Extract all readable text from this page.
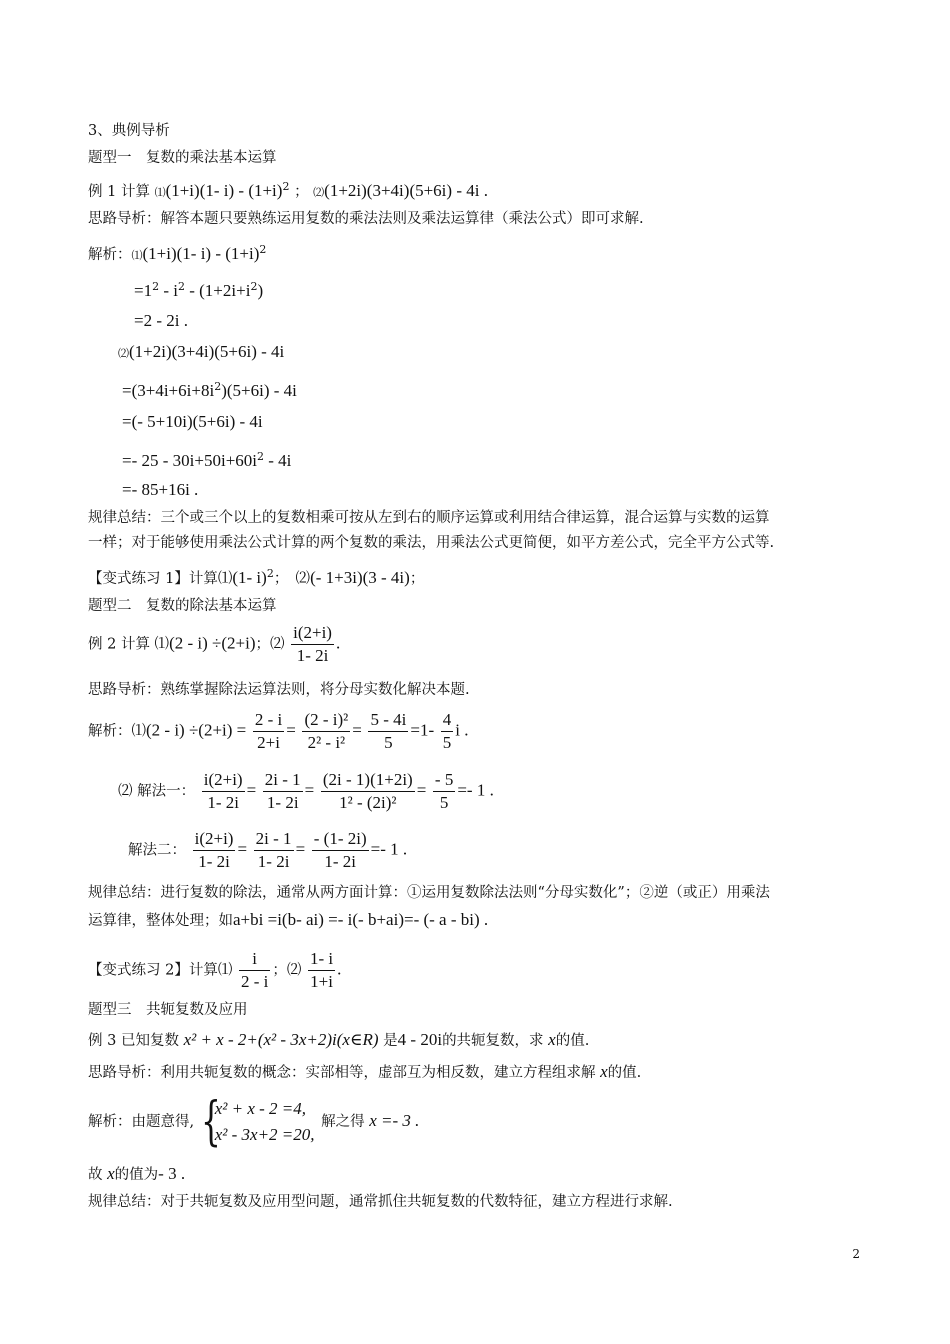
3、典例导析
题型一　复数的乘法基本运算
例 1 计算 ⑴(1+i)(1- $i) - (1+i)^2$ ； ⑵(1+2i)(3+4i)(5+6i) - 4i .
思路导析：解答本题只要熟练运用复数的乘法法则及乘法运算律（乘法公式）即可求解.
解析：⑴(1+i)(1- $i) - (1+i)^2$
$=1^2 - i^2 - (1+2i+i^2)$
=2 - 2i .
⑵(1+2i)(3+4i)(5+6i) - 4i
$=(3+4i+6i+8i^2)(5+6i) - 4i$
=(- 5+10i)(5+6i) - 4i
=- $25 - 30i+50i+60i^2 - 4i$
=- 85+16i .
规律总结：三个或三个以上的复数相乘可按从左到右的顺序运算或利用结合律运算，混合运算与实数的运算
一样；对于能够使用乘法公式计算的两个复数的乘法，用乘法公式更简便，如平方差公式，完全平方公式等.
【变式练习 1】计算⑴(1- i)$^2$；　⑵(- 1+3i)(3 - 4i)；
题型二　复数的除法基本运算
例 2 计算 ⑴(2 - i) ÷(2+i)；⑵ $\frac{i(2+i)}{1- 2i}$ .
思路导析：熟练掌握除法运算法则，将分母实数化解决本题.
解析：⑴(2 - $i) \div(2+i) = \frac{2 - i}{2+i} = \frac{\text{(2 - i)²}}{\text{2² - i²}} = \frac{5 - 4i}{5} =1- \frac{4}{5}$ i .
⑵ 解法一： $\frac{i(2+i)}{1- 2i} = \frac{2i - 1}{1- 2i} = \frac{(2i - 1)(1+2i)}{\text{1² - (2i)²}} = \frac{- 5}{5} =- 1$ .
解法二： $\frac{i(2+i)}{1- 2i} = \frac{2i - 1}{1- 2i} = \frac{- (1- 2i)}{1- 2i} =- 1$ .
规律总结：进行复数的除法，通常从两方面计算：①运用复数除法法则“分母实数化”；②逆（或正）用乘法
运算律，整体处理；如a+bi =i(b- ai) =- i(- b+ai)=- (- a - bi) .
【变式练习 2】计算⑴ $\frac{i}{2 - i}$ ；⑵ $\frac{1- i}{1+i}$ .
题型三　共轭复数及应用
例 3 已知复数 x² + x - 2+(x² - 3x+2)i(x∈R) 是4 - 20i的共轭复数，求 x的值.
思路导析：利用共轭复数的概念：实部相等，虚部互为相反数，建立方程组求解 x的值.
解析：由题意得, {
x² + x - 2 =4,
x² - 3x+2 =20,
解之得 x =- 3 .
故 x的值为- 3 .
规律总结：对于共轭复数及应用型问题，通常抓住共轭复数的代数特征，建立方程进行求解.
2
